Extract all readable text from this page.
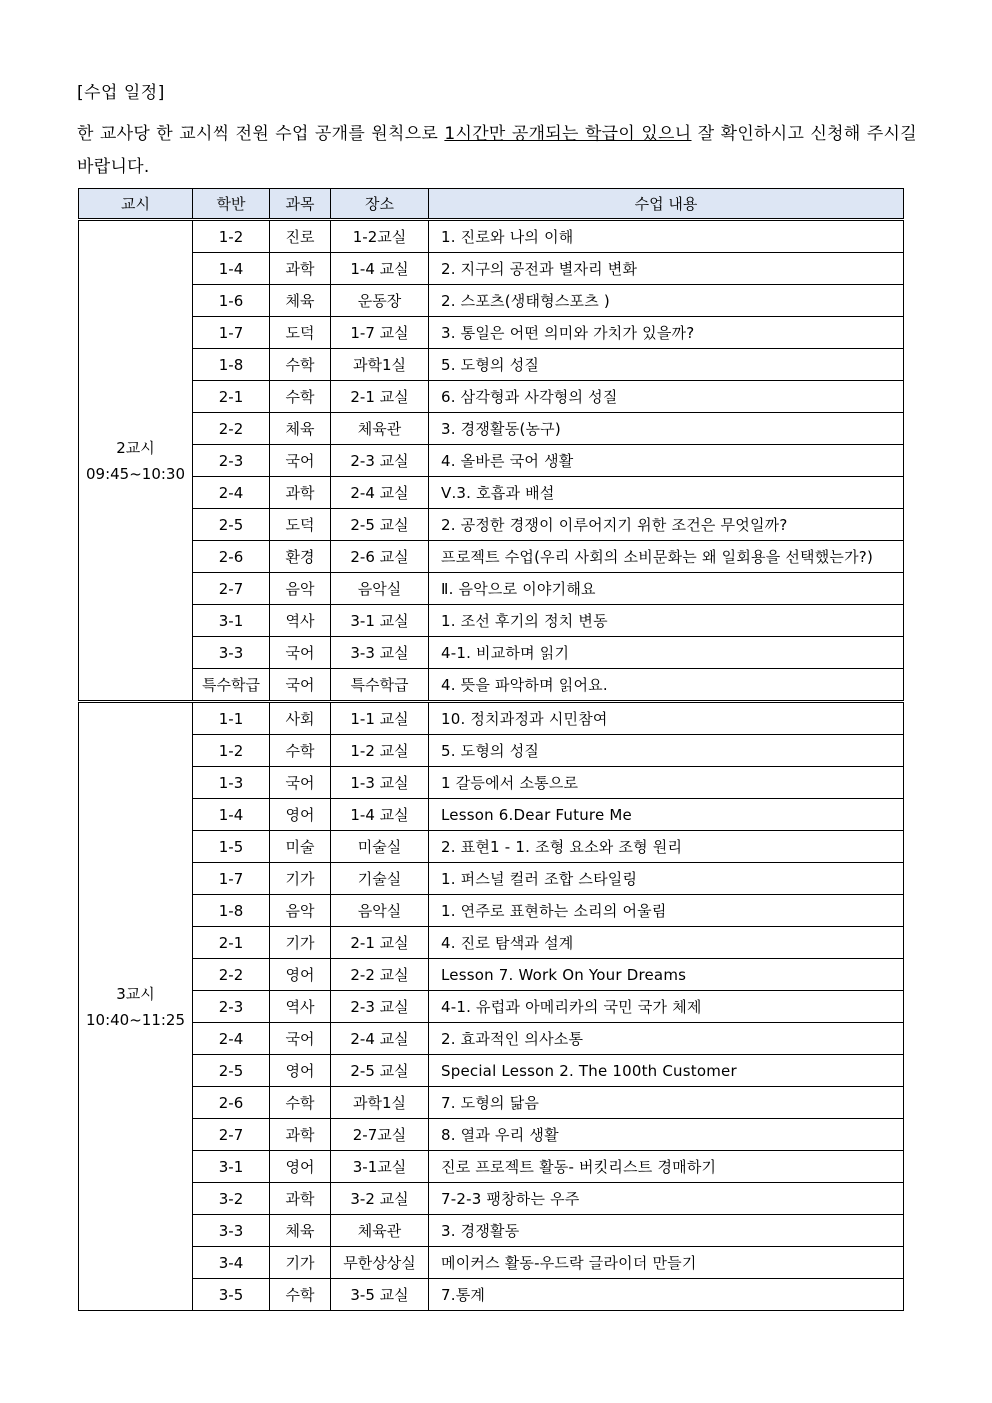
[수업 일정]
한 교사당 한 교시씩 전원 수업 공개를 원칙으로 1시간만 공개되는 학급이 있으니 잘 확인하시고 신청해 주시길 바랍니다.
교시	학반	과목	장소	수업 내용

2교시
09:45~10:30	1-2	진로	1-2교실	1. 진로와 나의 이해
	1-4	과학	1-4 교실	2. 지구의 공전과 별자리 변화
	1-6	체육	운동장	2. 스포츠(생태형스포츠 )
	1-7	도덕	1-7 교실	3. 통일은 어떤 의미와 가치가 있을까?
	1-8	수학	과학1실	5. 도형의 성질
	2-1	수학	2-1 교실	6. 삼각형과 사각형의 성질
	2-2	체육	체육관	3. 경쟁활동(농구)
	2-3	국어	2-3 교실	4. 올바른 국어 생활
	2-4	과학	2-4 교실	Ⅴ.3. 호흡과 배설
	2-5	도덕	2-5 교실	2. 공정한 경쟁이 이루어지기 위한 조건은 무엇일까?
	2-6	환경	2-6 교실	프로젝트 수업(우리 사회의 소비문화는 왜 일회용을 선택했는가?)
	2-7	음악	음악실	Ⅱ. 음악으로 이야기해요
	3-1	역사	3-1 교실	1. 조선 후기의 정치 변동
	3-3	국어	3-3 교실	4-1. 비교하며 읽기
	특수학급	국어	특수학급	4. 뜻을 파악하며 읽어요.

3교시
10:40~11:25	1-1	사회	1-1 교실	10. 정치과정과 시민참여
	1-2	수학	1-2 교실	5. 도형의 성질
	1-3	국어	1-3 교실	1 갈등에서 소통으로
	1-4	영어	1-4 교실	Lesson 6.Dear Future Me
	1-5	미술	미술실	2. 표현1 - 1. 조형 요소와 조형 원리
	1-7	기가	기술실	1. 퍼스널 컬러 조합 스타일링
	1-8	음악	음악실	1. 연주로 표현하는 소리의 어울림
	2-1	기가	2-1 교실	4. 진로 탐색과 설계
	2-2	영어	2-2 교실	Lesson 7. Work On Your Dreams
	2-3	역사	2-3 교실	4-1. 유럽과 아메리카의 국민 국가 체제
	2-4	국어	2-4 교실	2. 효과적인 의사소통
	2-5	영어	2-5 교실	Special Lesson 2. The 100th Customer
	2-6	수학	과학1실	7. 도형의 닮음
	2-7	과학	2-7교실	8. 열과 우리 생활
	3-1	영어	3-1교실	진로 프로젝트 활동- 버킷리스트 경매하기
	3-2	과학	3-2 교실	7-2-3 팽창하는 우주
	3-3	체육	체육관	3. 경쟁활동
	3-4	기가	무한상상실	메이커스 활동-우드락 글라이더 만들기
	3-5	수학	3-5 교실	7.통계
